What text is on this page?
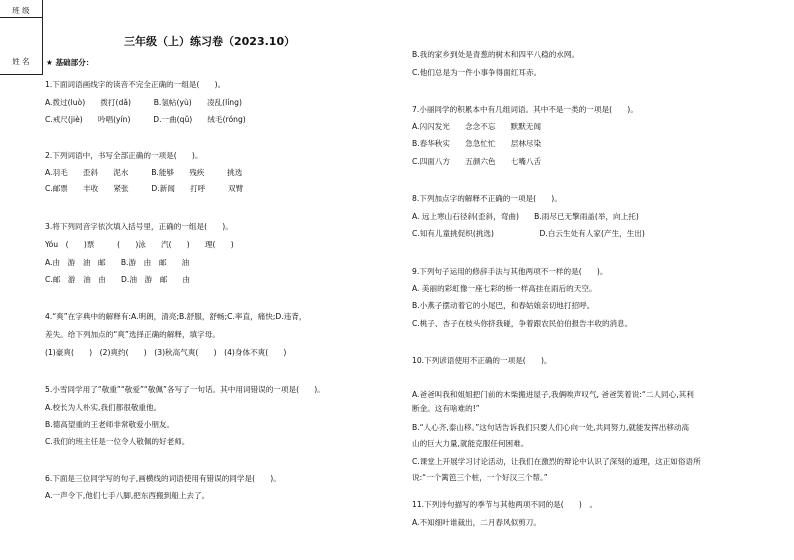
班 级
姓 名
三年级（上）练习卷（2023.10）
★ 基础部分：
1.下面词语画线字的读音不完全正确的一组是(　　)。
A.拨过(luò)　　拨打(dǎ)　　　B.氢帖(yù)　　凌乱(líng)
C.戒尺(jiè)　　吟唱(yín)　　　D.一曲(qǔ)　　绒毛(róng)
2.下列词语中，书写全部正确的一项是(　　)。
A.羽毛　　歪斜　　泥水　　　B.能够　　残疾　　　挑选
C.邮票　　丰收　　紧张　　　D.新闻　　打呼　　　双臂
3.将下列同音字依次填入括号里，正确的一组是(　　)。
Yóu　(　　)票　　　(　　)泳　　汽(　　)　　理(　　)
A.由　游　油　邮　　B.游　由　邮　　油
C.邮　游　油　由　　D.油　游　邮　　由
4.“爽”在字典中的解释有:A.明朗，清亮;B.舒服，舒畅;C.率直，痛快;D.违背，
差失。给下列加点的“爽”选择正确的解释，填字母。
(1)豪爽(　　)　(2)爽约(　　)　(3)秋高气爽(　　)　(4)身体不爽(　　)
5.小雪同学用了“敬重”“敬爱”“敬佩”各写了一句话。其中用词错误的一项是(　　)。
A.校长为人朴实,我们都很敬重他。
B.德高望重的王老师非常敬爱小朋友。
C.我们的班主任是一位令人敬佩的好老师。
6.下面是三位同学写的句子,画横线的词语使用有错误的同学是(　　)。
A.一声令下,他们七手八脚,把东西搬到船上去了。
B.我的家乡到处是青葱的树木和四平八稳的水网。
C.他们总是为一件小事争得面红耳赤。
7.小丽同学的积累本中有几组词语。其中不是一类的一项是(　　)。
A.闪闪发光　　念念不忘　　默默无闻
B.春华秋实　　急急忙忙　　层林尽染
C.四面八方　　五颜六色　　七嘴八舌
8.下列加点字的解释不正确的一项是(　　)。
A. 远上寒山石径斜(歪斜，弯曲)　　B.雨尽已无擎雨盖(举，向上托)
C.知有儿童挑促织(挑选)　　　　　　D.白云生处有人家(产生，生出)
9.下列句子运用的修辞手法与其他两项不一样的是(　　)。
A. 美丽的彩虹像一座七彩的桥一样高挂在雨后的天空。
B.小燕子摆动着它的小尾巴，和春姑娘亲切地打招呼。
C.桃子、杏子在枝头你挤我碰，争着跟农民伯伯报告丰收的消息。
10.下列谚语使用不正确的一项是(　　)。
A.爸爸叫我和姐姐把门前的木柴搬进屋子,我俩唉声叹气, 爸爸笑着说:“二人同心,其利
断金。这有啥难的!”
B.“人心齐,泰山移。”这句话告诉我们只要人们心向一处,共同努力,就能发挥出移动高
山的巨大力量,就能克服任何困难。
C.课堂上开展学习讨论活动，让我们在激烈的辩论中认识了深刻的道理，这正如俗语所
说:“一个篱笆三个桩，一个好汉三个帮。”
11.下列诗句描写的季节与其他两项不同的是(　　)　。
A.不知细叶谁裁出，二月春风似剪刀。
